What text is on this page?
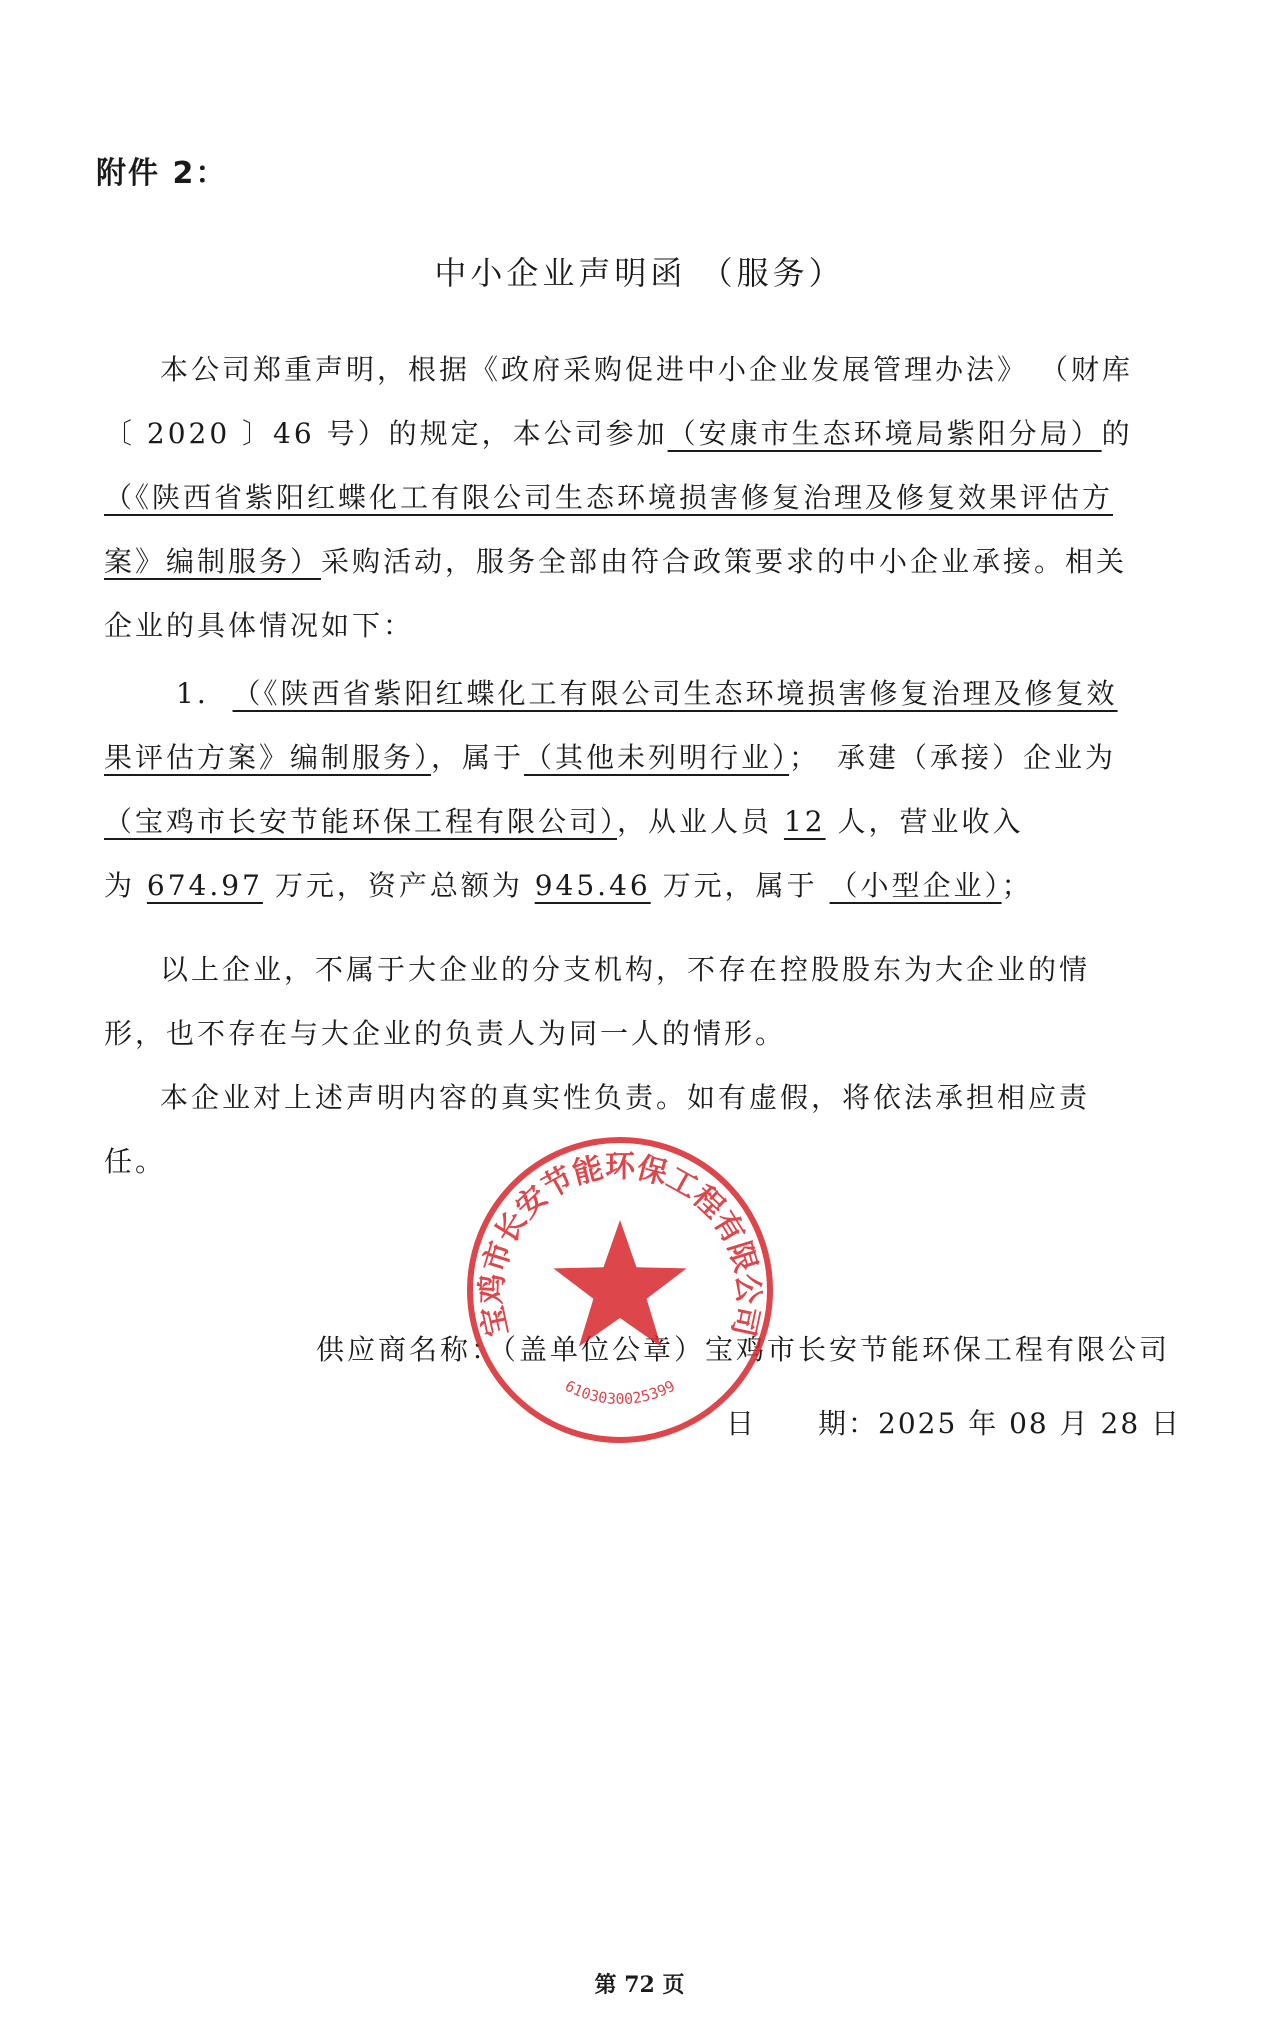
附件 2：
中小企业声明函 （服务）

本公司郑重声明，根据《政府采购促进中小企业发展管理办法》 （财库〔 2020 〕46 号）的规定，本公司参加（安康市生态环境局紫阳分局）的（《陕西省紫阳红蝶化工有限公司生态环境损害修复治理及修复效果评估方案》编制服务）采购活动，服务全部由符合政策要求的中小企业承接。相关企业的具体情况如下：

1. （《陕西省紫阳红蝶化工有限公司生态环境损害修复治理及修复效果评估方案》编制服务），属于（其他未列明行业）；　承建（承接）企业为（宝鸡市长安节能环保工程有限公司），从业人员 12 人，营业收入为 674.97 万元，资产总额为 945.46 万元，属于 （小型企业）；

以上企业，不属于大企业的分支机构，不存在控股股东为大企业的情形，也不存在与大企业的负责人为同一人的情形。

本企业对上述声明内容的真实性负责。如有虚假，将依法承担相应责任。

供应商名称：（盖单位公章）宝鸡市长安节能环保工程有限公司
日 期：2025 年 08 月 28 日
宝鸡市长安节能环保工程有限公司
6103030025399
第 72 页
